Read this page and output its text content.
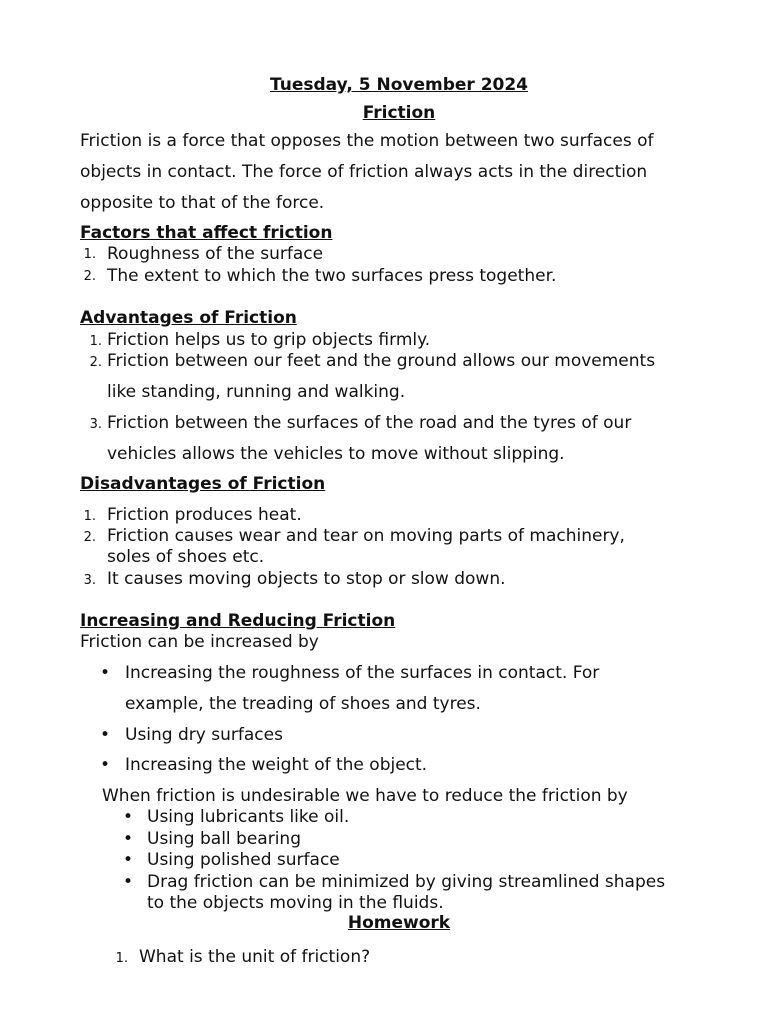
Tuesday, 5 November 2024
Friction

Friction is a force that opposes the motion between two surfaces of objects in contact. The force of friction always acts in the direction opposite to that of the force.

Factors that affect friction
1. Roughness of the surface
2. The extent to which the two surfaces press together.
Advantages of Friction
1. Friction helps us to grip objects firmly.
2. Friction between our feet and the ground allows our movements
like standing, running and walking.
3. Friction between the surfaces of the road and the tyres of our
vehicles allows the vehicles to move without slipping.
Disadvantages of Friction
1. Friction produces heat.
2. Friction causes wear and tear on moving parts of machinery,
soles of shoes etc.
3. It causes moving objects to stop or slow down.
Increasing and Reducing Friction
Friction can be increased by
• Increasing the roughness of the surfaces in contact. For
example, the treading of shoes and tyres.
• Using dry surfaces
• Increasing the weight of the object.
When friction is undesirable we have to reduce the friction by
• Using lubricants like oil.
• Using ball bearing
• Using polished surface
• Drag friction can be minimized by giving streamlined shapes
to the objects moving in the fluids.
Homework
1. What is the unit of friction?
